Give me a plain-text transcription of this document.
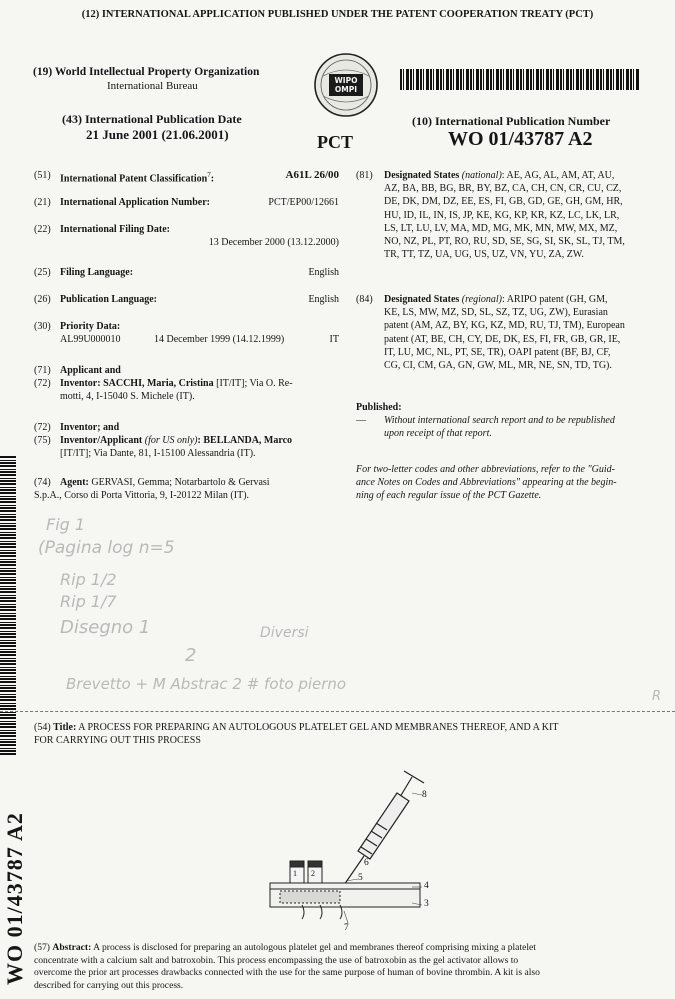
(12) INTERNATIONAL APPLICATION PUBLISHED UNDER THE PATENT COOPERATION TREATY (PCT)
(19) World Intellectual Property Organization
International Bureau	WIPO OMPI
(43) International Publication Date
21 June 2001 (21.06.2001)	PCT
(10) International Publication Number
WO 01/43787 A2
(51) International Patent Classification$^7$:	A61L 26/00
(21) International Application Number:	PCT/EP00/12661
(22) International Filing Date:

13 December 2000 (13.12.2000)
(25) Filing Language:	English
(26) Publication Language:	English
(30) Priority Data:
AL99U000010	14 December 1999 (14.12.1999)	IT
(71) Applicant and
(72) Inventor: SACCHI, Maria, Cristina [IT/IT]; Via O. Re-
motti, 4, I-15040 S. Michele (IT).
(72) Inventor; and
(75) Inventor/Applicant (for US only): BELLANDA, Marco
[IT/IT]; Via Dante, 81, I-15100 Alessandria (IT).
(74) Agent: GERVASI, Gemma; Notarbartolo & Gervasi

S.p.A., Corso di Porta Vittoria, 9, I-20122 Milan (IT).
(81) Designated States (national): AE, AG, AL, AM, AT, AU,
AZ, BA, BB, BG, BR, BY, BZ, CA, CH, CN, CR, CU, CZ,
DE, DK, DM, DZ, EE, ES, FI, GB, GD, GE, GH, GM, HR,
HU, ID, IL, IN, IS, JP, KE, KG, KP, KR, KZ, LC, LK, LR,
LS, LT, LU, LV, MA, MD, MG, MK, MN, MW, MX, MZ,
NO, NZ, PL, PT, RO, RU, SD, SE, SG, SI, SK, SL, TJ, TM,
TR, TT, TZ, UA, UG, US, UZ, VN, YU, ZA, ZW.
(84) Designated States (regional): ARIPO patent (GH, GM,
KE, LS, MW, MZ, SD, SL, SZ, TZ, UG, ZW), Eurasian
patent (AM, AZ, BY, KG, KZ, MD, RU, TJ, TM), European
patent (AT, BE, CH, CY, DE, DK, ES, FI, FR, GB, GR, IE,
IT, LU, MC, NL, PT, SE, TR), OAPI patent (BF, BJ, CF,
CG, CI, CM, GA, GN, GW, ML, MR, NE, SN, TD, TG).
Published:

— Without international search report and to be republished
upon receipt of that report.
For two-letter codes and other abbreviations, refer to the "Guid-
ance Notes on Codes and Abbreviations" appearing at the begin-
ning of each regular issue of the PCT Gazette.
Fig 1
(Pagina log n=5
Rip 1/2
Rip 1/7
Disegno 1	Diversi
2
Brevetto + M Abstrac 2 # foto pierno
R
WO 01/43787 A2
(54) Title: A PROCESS FOR PREPARING AN AUTOLOGOUS PLATELET GEL AND MEMBRANES THEREOF, AND A KIT
FOR CARRYING OUT THIS PROCESS
8
6
5
4
3
7
1 2
(57) Abstract: A process is disclosed for preparing an autologous platelet gel and membranes thereof comprising mixing a platelet
concentrate with a calcium salt and batroxobin. This process encompassing the use of batroxobin as the gel activator allows to
overcome the prior art processes drawbacks connected with the use for the same purpose of human of bovine thrombin. A kit is also
described for carrying out this process.
